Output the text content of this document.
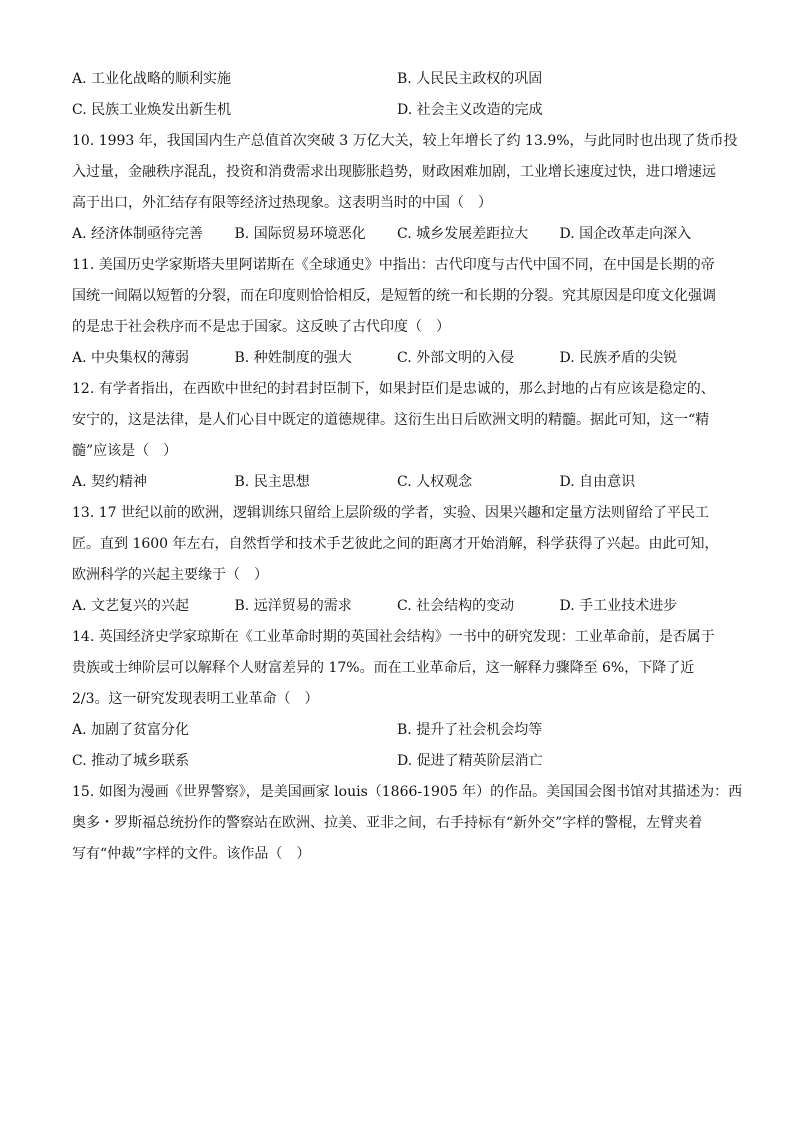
A. 工业化战略的顺利实施	B. 人民民主政权的巩固
C. 民族工业焕发出新生机	D. 社会主义改造的完成
10. 1993 年，我国国内生产总值首次突破 3 万亿大关，较上年增长了约 13.9%，与此同时也出现了货币投
入过量，金融秩序混乱，投资和消费需求出现膨胀趋势，财政困难加剧，工业增长速度过快，进口增速远
高于出口，外汇结存有限等经济过热现象。这表明当时的中国（　）
A. 经济体制亟待完善	B. 国际贸易环境恶化	C. 城乡发展差距拉大	D. 国企改革走向深入
11. 美国历史学家斯塔夫里阿诺斯在《全球通史》中指出：古代印度与古代中国不同，在中国是长期的帝
国统一间隔以短暂的分裂，而在印度则恰恰相反，是短暂的统一和长期的分裂。究其原因是印度文化强调
的是忠于社会秩序而不是忠于国家。这反映了古代印度（　）
A. 中央集权的薄弱	B. 种姓制度的强大	C. 外部文明的入侵	D. 民族矛盾的尖锐
12. 有学者指出，在西欧中世纪的封君封臣制下，如果封臣们是忠诚的，那么封地的占有应该是稳定的、
安宁的，这是法律，是人们心目中既定的道德规律。这衍生出日后欧洲文明的精髓。据此可知，这一“精
髓”应该是（　）
A. 契约精神	B. 民主思想	C. 人权观念	D. 自由意识
13. 17 世纪以前的欧洲，逻辑训练只留给上层阶级的学者，实验、因果兴趣和定量方法则留给了平民工
匠。直到 1600 年左右，自然哲学和技术手艺彼此之间的距离才开始消解，科学获得了兴起。由此可知，
欧洲科学的兴起主要缘于（　）
A. 文艺复兴的兴起	B. 远洋贸易的需求	C. 社会结构的变动	D. 手工业技术进步
14. 英国经济史学家琼斯在《工业革命时期的英国社会结构》一书中的研究发现：工业革命前，是否属于
贵族或士绅阶层可以解释个人财富差异的 17%。而在工业革命后，这一解释力骤降至 6%，下降了近
2/3。这一研究发现表明工业革命（　）
A. 加剧了贫富分化	B. 提升了社会机会均等
C. 推动了城乡联系	D. 促进了精英阶层消亡
15. 如图为漫画《世界警察》，是美国画家 louis（1866-1905 年）的作品。美国国会图书馆对其描述为：西
奥多・罗斯福总统扮作的警察站在欧洲、拉美、亚非之间，右手持标有“新外交”字样的警棍，左臂夹着
写有“仲裁”字样的文件。该作品（　）
